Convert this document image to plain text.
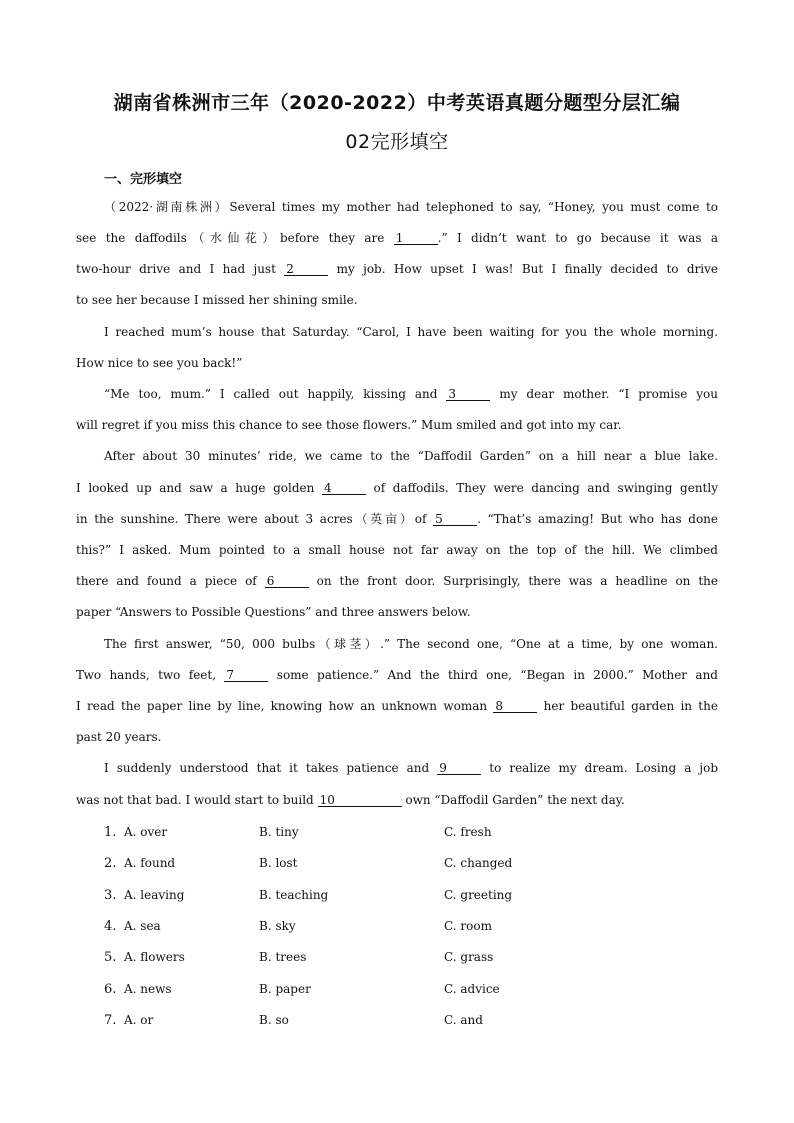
湖南省株洲市三年（2020-2022）中考英语真题分题型分层汇编
02完形填空
一、完形填空
（2022·湖南株洲）Several times my mother had telephoned to say, “Honey, you must come to
see the daffodils（水仙花）before they are 1	.” I didn’t want to go because it was a
two-hour drive and I had just 2	my job. How upset I was! But I finally decided to drive
to see her because I missed her shining smile.
I reached mum’s house that Saturday. “Carol, I have been waiting for you the whole morning.
How nice to see you back!”
“Me too, mum.” I called out happily, kissing and 3	my dear mother. “I promise you
will regret if you miss this chance to see those flowers.” Mum smiled and got into my car.
After about 30 minutes’ ride, we came to the “Daffodil Garden” on a hill near a blue lake.
I looked up and saw a huge golden 4	of daffodils. They were dancing and swinging gently
in the sunshine. There were about 3 acres（英亩）of 5	. “That’s amazing! But who has done
this?” I asked. Mum pointed to a small house not far away on the top of the hill. We climbed
there and found a piece of 6	on the front door. Surprisingly, there was a headline on the
paper “Answers to Possible Questions” and three answers below.
The first answer, “50, 000 bulbs（球茎）.” The second one, “One at a time, by one woman.
Two hands, two feet, 7	some patience.” And the third one, “Began in 2000.” Mother and
I read the paper line by line, knowing how an unknown woman 8	her beautiful garden in the
past 20 years.
I suddenly understood that it takes patience and 9	to realize my dream. Losing a job
was not that bad. I would start to build 10	own “Daffodil Garden” the next day.
1. A. over	B. tiny	C. fresh
2. A. found	B. lost	C. changed
3. A. leaving	B. teaching	C. greeting
4. A. sea	B. sky	C. room
5. A. flowers	B. trees	C. grass
6. A. news	B. paper	C. advice
7. A. or	B. so	C. and
